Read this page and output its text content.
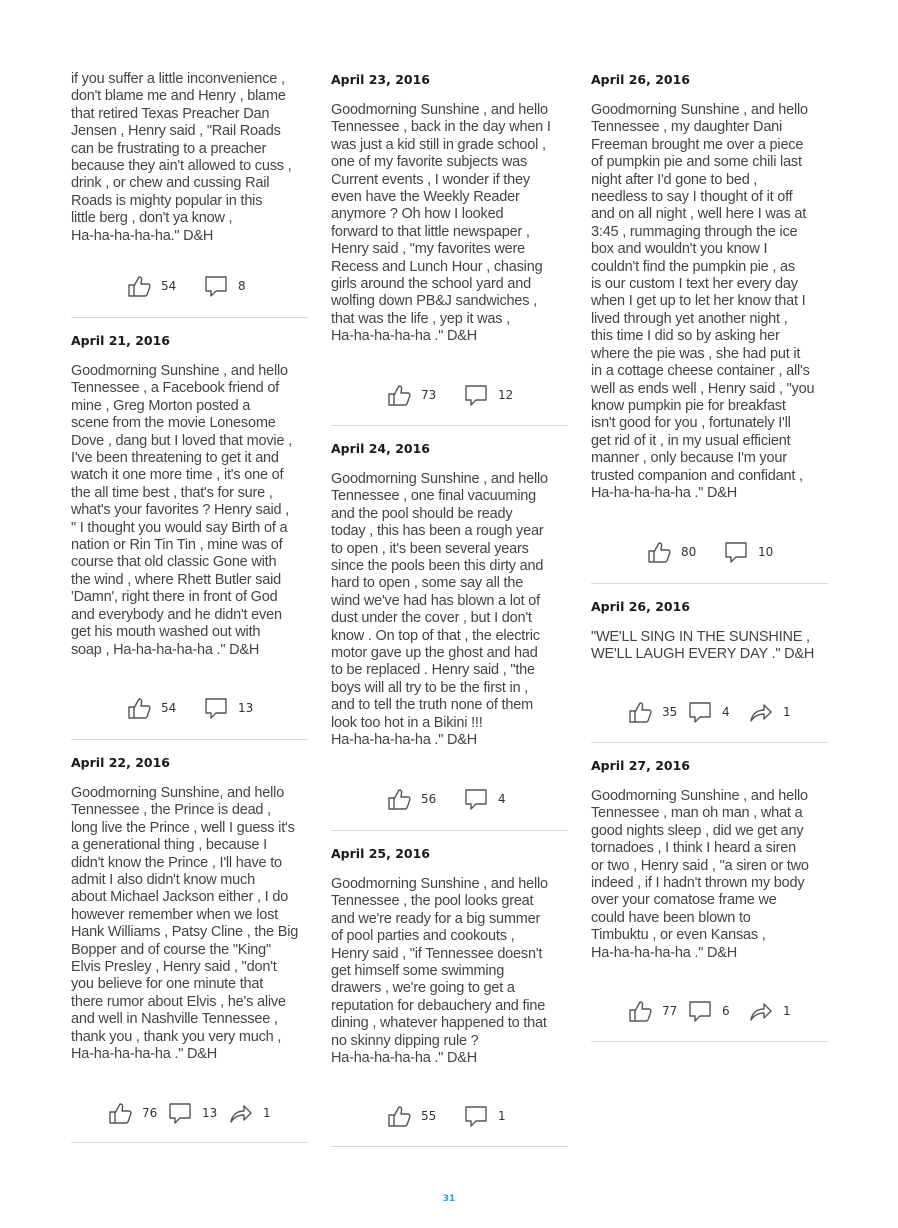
if you suffer a little inconvenience ,
don't blame me and Henry , blame
that retired Texas Preacher Dan
Jensen , Henry said , "Rail Roads
can be frustrating to a preacher
because they ain't allowed to cuss ,
drink , or chew and cussing Rail
Roads is mighty popular in this
little berg , don't ya know ,
Ha-ha-ha-ha-ha." D&H
54	8
April 21, 2016
Goodmorning Sunshine , and hello
Tennessee , a Facebook friend of
mine , Greg Morton posted a
scene from the movie Lonesome
Dove , dang but I loved that movie ,
I've been threatening to get it and
watch it one more time , it's one of
the all time best , that's for sure ,
what's your favorites ? Henry said ,
" I thought you would say Birth of a
nation or Rin Tin Tin , mine was of
course that old classic Gone with
the wind , where Rhett Butler said
'Damn', right there in front of God
and everybody and he didn't even
get his mouth washed out with
soap , Ha-ha-ha-ha-ha ." D&H
54	13
April 22, 2016
Goodmorning Sunshine, and hello
Tennessee , the Prince is dead ,
long live the Prince , well I guess it's
a generational thing , because I
didn't know the Prince , I'll have to
admit I also didn't know much
about Michael Jackson either , I do
however remember when we lost
Hank Williams , Patsy Cline , the Big
Bopper and of course the "King"
Elvis Presley , Henry said , "don't
you believe for one minute that
there rumor about Elvis , he's alive
and well in Nashville Tennessee ,
thank you , thank you very much ,
Ha-ha-ha-ha-ha ." D&H
76	13	1
April 23, 2016
Goodmorning Sunshine , and hello
Tennessee , back in the day when I
was just a kid still in grade school ,
one of my favorite subjects was
Current events , I wonder if they
even have the Weekly Reader
anymore ? Oh how I looked
forward to that little newspaper ,
Henry said , "my favorites were
Recess and Lunch Hour , chasing
girls around the school yard and
wolfing down PB&J sandwiches ,
that was the life , yep it was ,
Ha-ha-ha-ha-ha ." D&H
73	12
April 24, 2016
Goodmorning Sunshine , and hello
Tennessee , one final vacuuming
and the pool should be ready
today , this has been a rough year
to open , it's been several years
since the pools been this dirty and
hard to open , some say all the
wind we've had has blown a lot of
dust under the cover , but I don't
know . On top of that , the electric
motor gave up the ghost and had
to be replaced . Henry said , "the
boys will all try to be the first in ,
and to tell the truth none of them
look too hot in a Bikini !!!
Ha-ha-ha-ha-ha ." D&H
56	4
April 25, 2016
Goodmorning Sunshine , and hello
Tennessee , the pool looks great
and we're ready for a big summer
of pool parties and cookouts ,
Henry said , "if Tennessee doesn't
get himself some swimming
drawers , we're going to get a
reputation for debauchery and fine
dining , whatever happened to that
no skinny dipping rule ?
Ha-ha-ha-ha-ha ." D&H
55	1
April 26, 2016
Goodmorning Sunshine , and hello
Tennessee , my daughter Dani
Freeman brought me over a piece
of pumpkin pie and some chili last
night after I'd gone to bed ,
needless to say I thought of it off
and on all night , well here I was at
3:45 , rummaging through the ice
box and wouldn't you know I
couldn't find the pumpkin pie , as
is our custom I text her every day
when I get up to let her know that I
lived through yet another night ,
this time I did so by asking her
where the pie was , she had put it
in a cottage cheese container , all's
well as ends well , Henry said , "you
know pumpkin pie for breakfast
isn't good for you , fortunately I'll
get rid of it , in my usual efficient
manner , only because I'm your
trusted companion and confidant ,
Ha-ha-ha-ha-ha ." D&H
80	10
April 26, 2016
"WE'LL SING IN THE SUNSHINE ,
WE'LL LAUGH EVERY DAY ." D&H
35	4	1
April 27, 2016
Goodmorning Sunshine , and hello
Tennessee , man oh man , what a
good nights sleep , did we get any
tornadoes , I think I heard a siren
or two , Henry said , "a siren or two
indeed , if I hadn't thrown my body
over your comatose frame we
could have been blown to
Timbuktu , or even Kansas ,
Ha-ha-ha-ha-ha ." D&H
77	6	1
31
